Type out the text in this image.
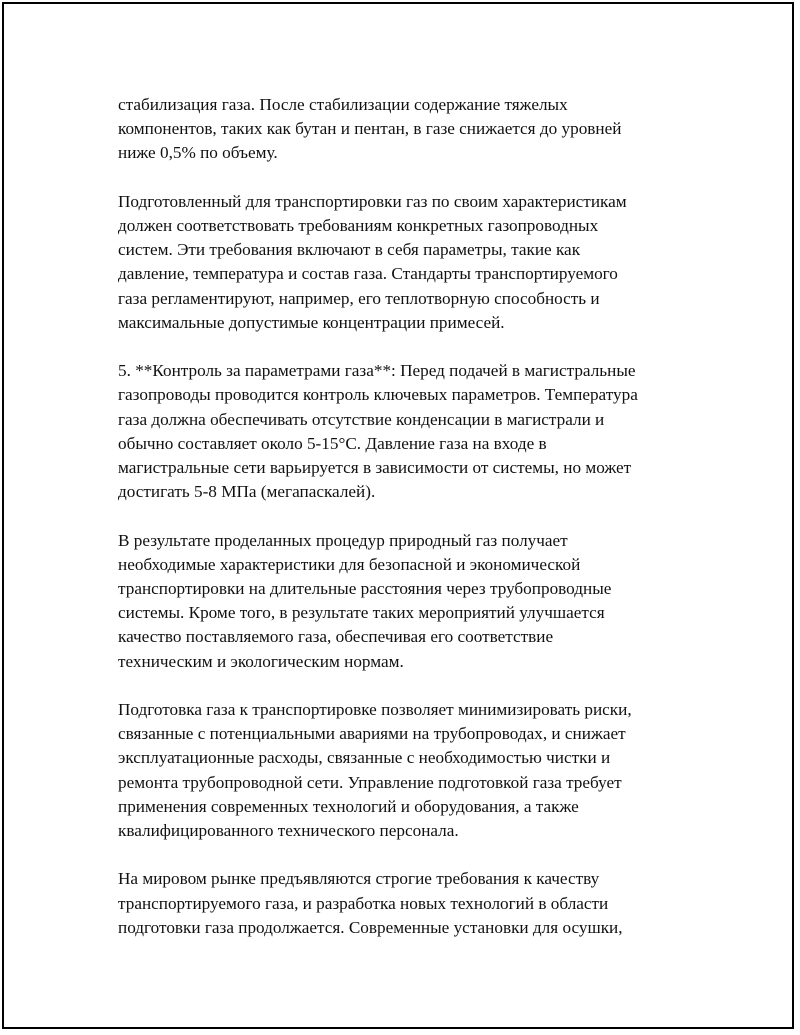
стабилизация газа. После стабилизации содержание тяжелых
компонентов, таких как бутан и пентан, в газе снижается до уровней
ниже 0,5% по объему.

Подготовленный для транспортировки газ по своим характеристикам
должен соответствовать требованиям конкретных газопроводных
систем. Эти требования включают в себя параметры, такие как
давление, температура и состав газа. Стандарты транспортируемого
газа регламентируют, например, его теплотворную способность и
максимальные допустимые концентрации примесей.

5. **Контроль за параметрами газа**: Перед подачей в магистральные
газопроводы проводится контроль ключевых параметров. Температура
газа должна обеспечивать отсутствие конденсации в магистрали и
обычно составляет около 5-15°C. Давление газа на входе в
магистральные сети варьируется в зависимости от системы, но может
достигать 5-8 МПа (мегапаскалей).

В результате проделанных процедур природный газ получает
необходимые характеристики для безопасной и экономической
транспортировки на длительные расстояния через трубопроводные
системы. Кроме того, в результате таких мероприятий улучшается
качество поставляемого газа, обеспечивая его соответствие
техническим и экологическим нормам.

Подготовка газа к транспортировке позволяет минимизировать риски,
связанные с потенциальными авариями на трубопроводах, и снижает
эксплуатационные расходы, связанные с необходимостью чистки и
ремонта трубопроводной сети. Управление подготовкой газа требует
применения современных технологий и оборудования, а также
квалифицированного технического персонала.

На мировом рынке предъявляются строгие требования к качеству
транспортируемого газа, и разработка новых технологий в области
подготовки газа продолжается. Современные установки для осушки,
